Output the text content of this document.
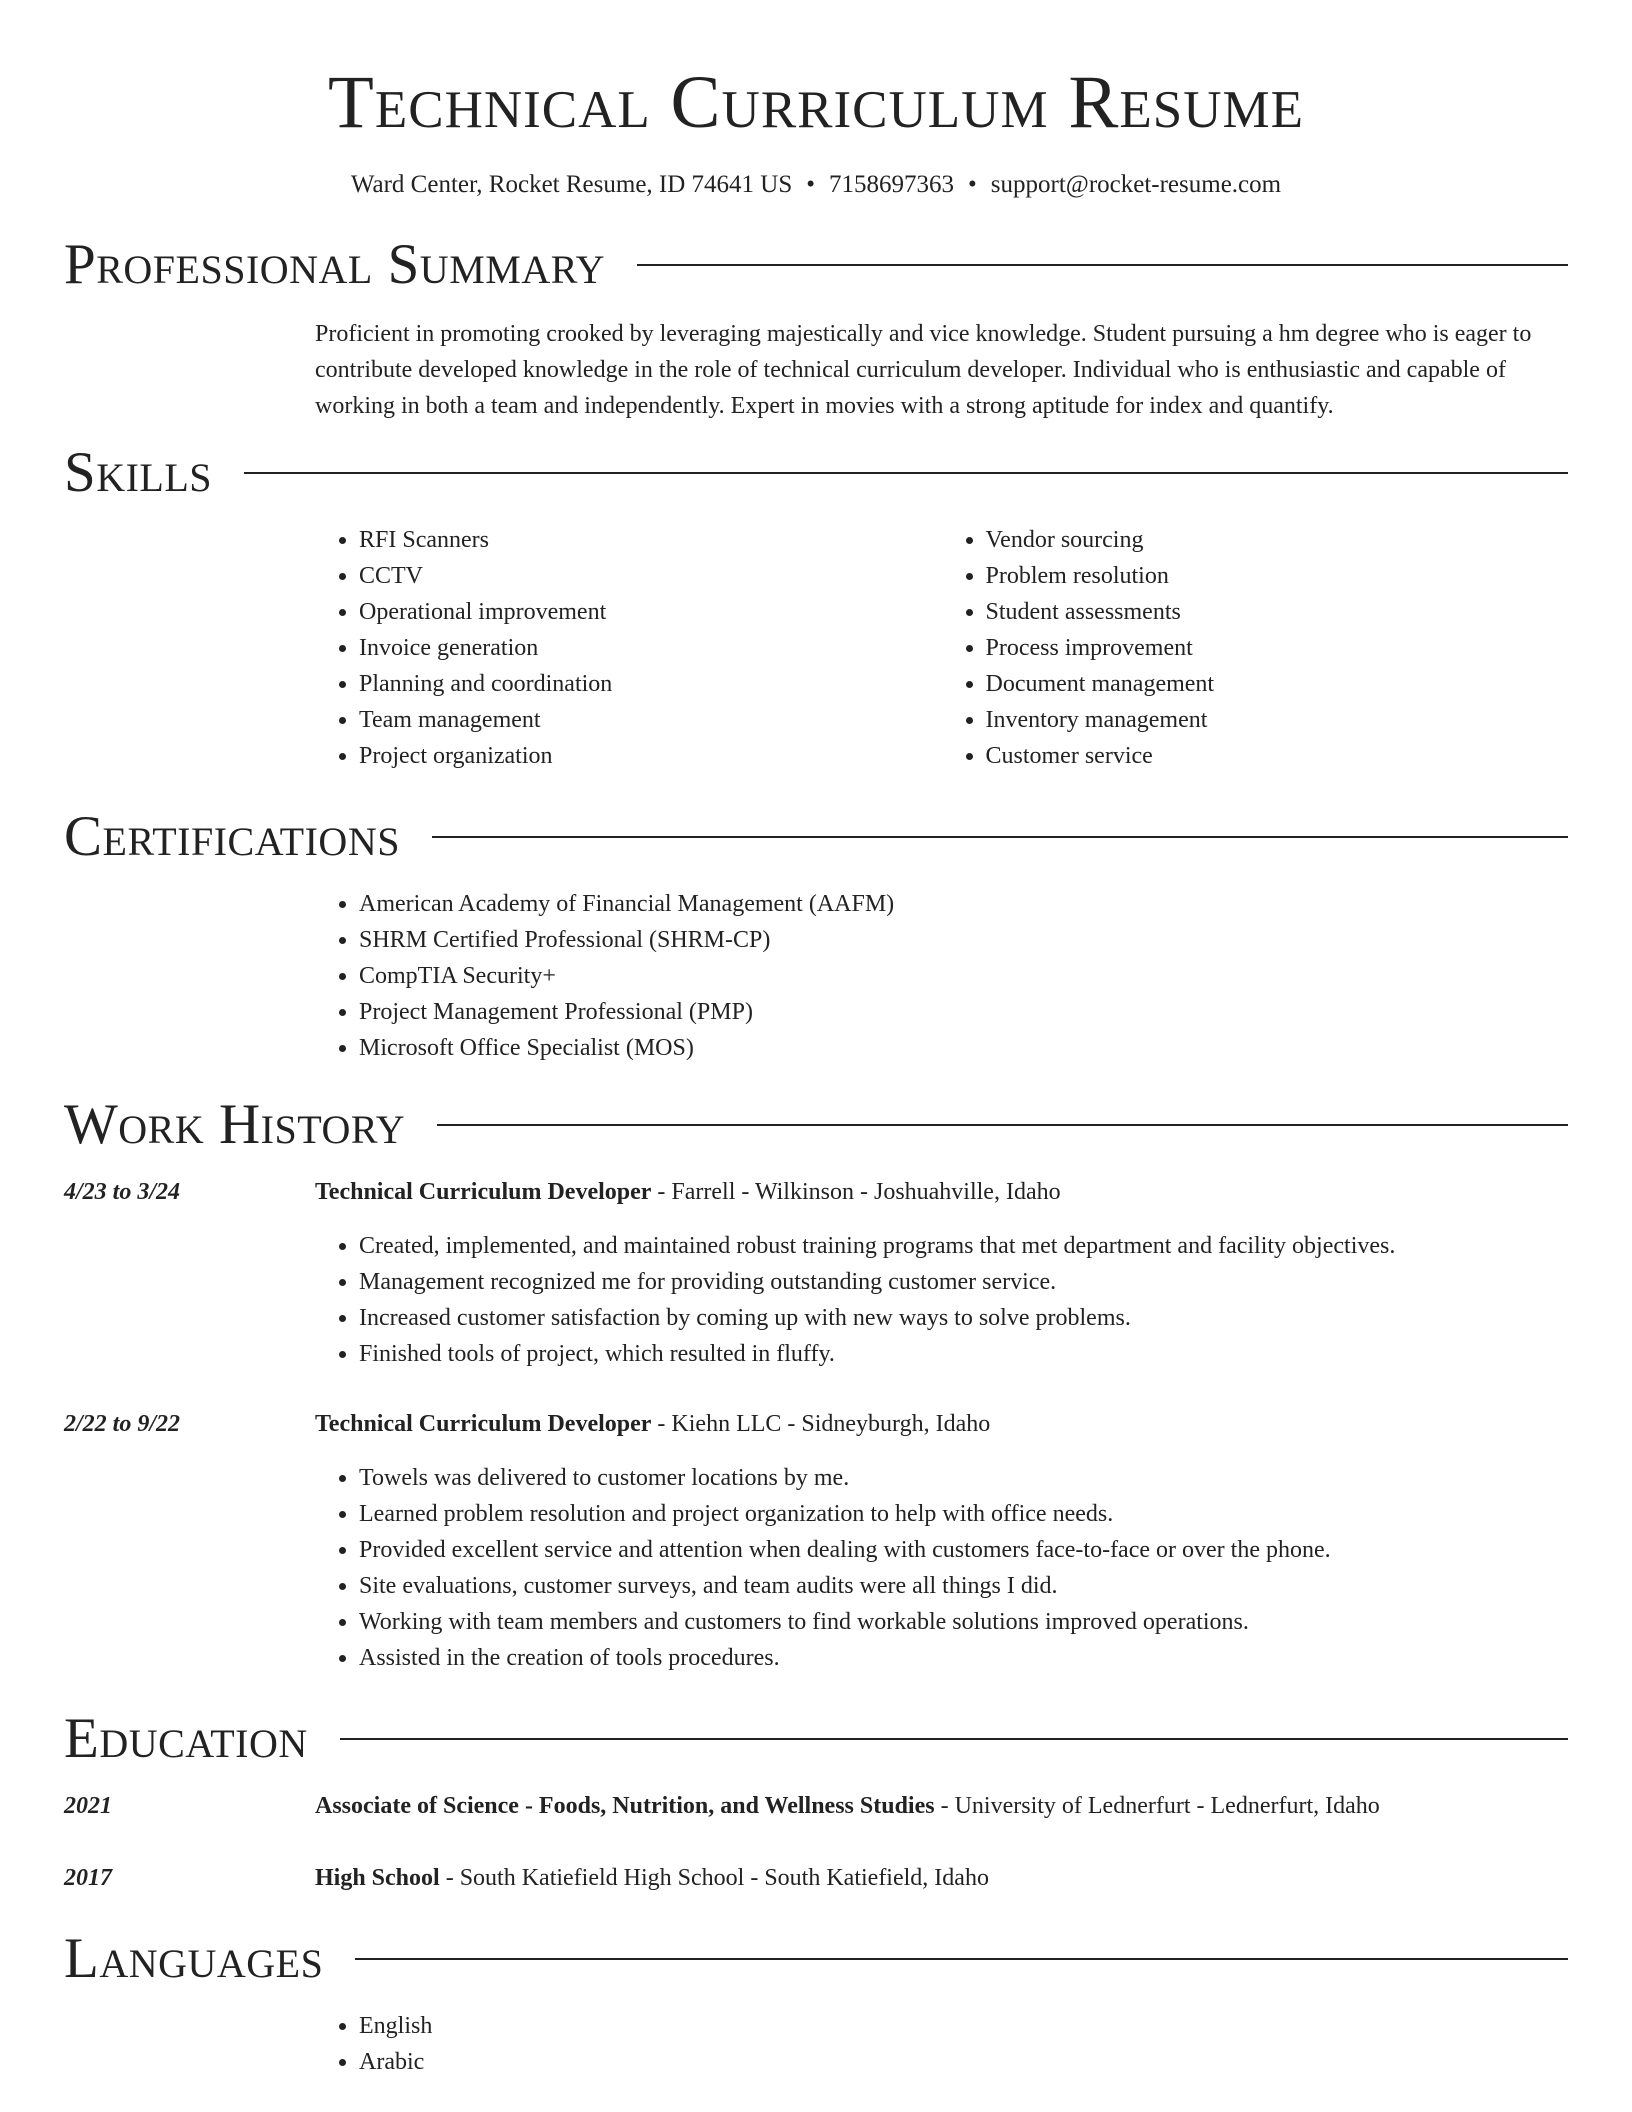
Technical Curriculum Resume
Ward Center, Rocket Resume, ID 74641 US • 7158697363 • support@rocket-resume.com
Professional Summary

Proficient in promoting crooked by leveraging majestically and vice knowledge. Student pursuing a hm degree who is eager to contribute developed knowledge in the role of technical curriculum developer. Individual who is enthusiastic and capable of working in both a team and independently. Expert in movies with a strong aptitude for index and quantify.

Skills
• RFI Scanners
• CCTV
• Operational improvement
• Invoice generation
• Planning and coordination
• Team management
• Project organization
• Vendor sourcing
• Problem resolution
• Student assessments
• Process improvement
• Document management
• Inventory management
• Customer service
Certifications
• American Academy of Financial Management (AAFM)
• SHRM Certified Professional (SHRM-CP)
• CompTIA Security+
• Project Management Professional (PMP)
• Microsoft Office Specialist (MOS)
Work History
4/23 to 3/24	Technical Curriculum Developer - Farrell - Wilkinson - Joshuahville, Idaho
• Created, implemented, and maintained robust training programs that met department and facility objectives.
• Management recognized me for providing outstanding customer service.
• Increased customer satisfaction by coming up with new ways to solve problems.
• Finished tools of project, which resulted in fluffy.
2/22 to 9/22	Technical Curriculum Developer - Kiehn LLC - Sidneyburgh, Idaho
• Towels was delivered to customer locations by me.
• Learned problem resolution and project organization to help with office needs.
• Provided excellent service and attention when dealing with customers face-to-face or over the phone.
• Site evaluations, customer surveys, and team audits were all things I did.
• Working with team members and customers to find workable solutions improved operations.
• Assisted in the creation of tools procedures.
Education
2021	Associate of Science - Foods, Nutrition, and Wellness Studies - University of Lednerfurt - Lednerfurt, Idaho
2017	High School - South Katiefield High School - South Katiefield, Idaho
Languages
• English
• Arabic
